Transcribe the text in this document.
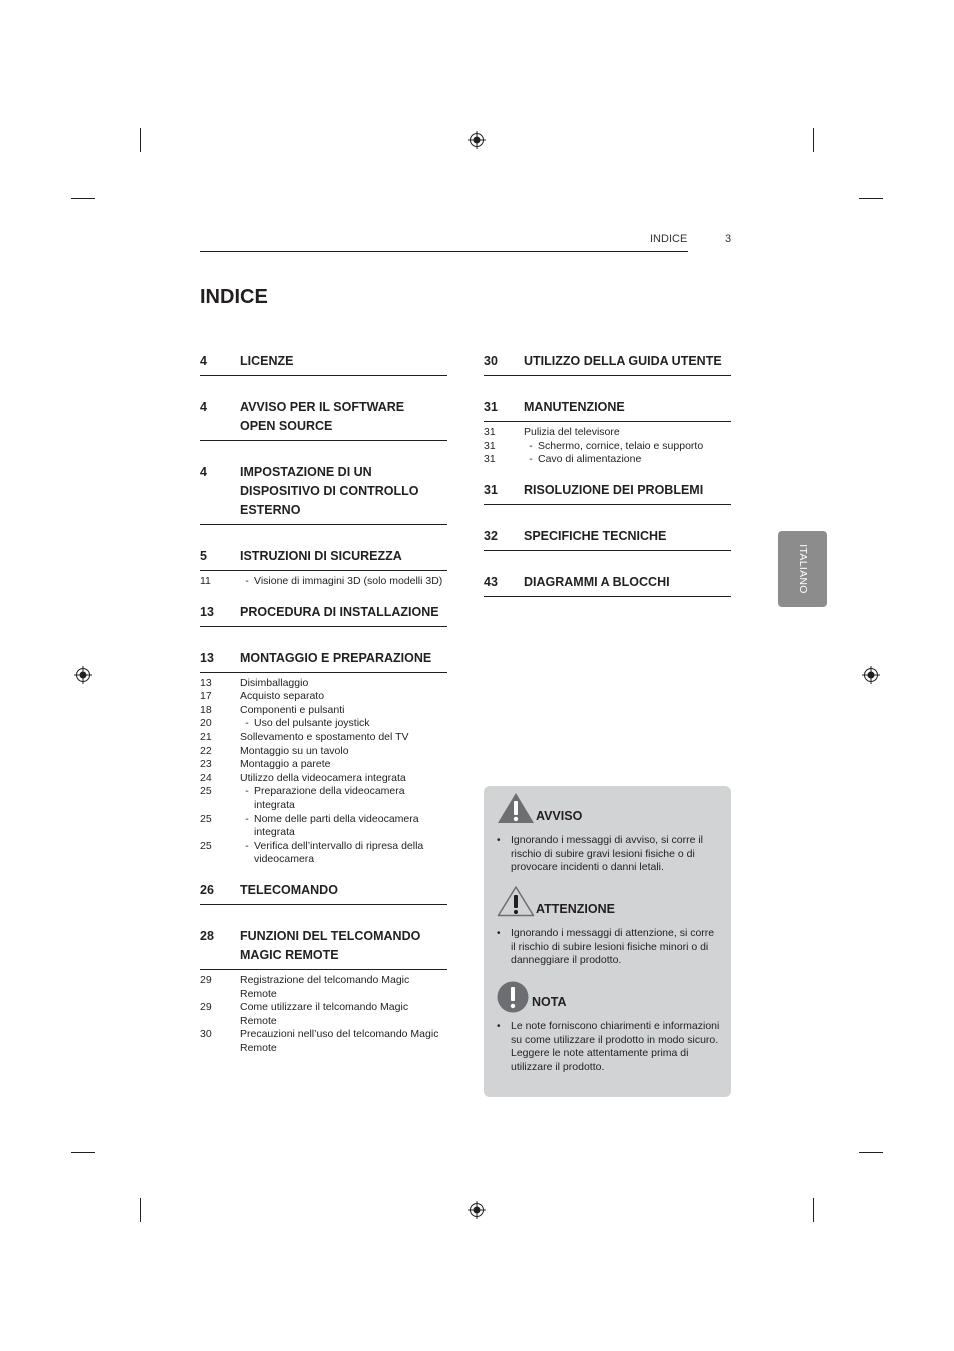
INDICE	3
INDICE
4	LICENZE
4	AVVISO PER IL SOFTWARE
OPEN SOURCE
4	IMPOSTAZIONE DI UN
DISPOSITIVO DI CONTROLLO
ESTERNO
5	ISTRUZIONI DI SICUREZZA
11	- Visione di immagini 3D (solo modelli 3D)
13	PROCEDURA DI INSTALLAZIONE
13	MONTAGGIO E PREPARAZIONE
13	Disimballaggio
17	Acquisto separato
18	Componenti e pulsanti
20	- Uso del pulsante joystick
21	Sollevamento e spostamento del TV
22	Montaggio su un tavolo
23	Montaggio a parete
24	Utilizzo della videocamera integrata
25	- Preparazione della videocamera integrata
25	- Nome delle parti della videocamera integrata
25	- Verifica dell’intervallo di ripresa della videocamera
26	TELECOMANDO
28	FUNZIONI DEL TELCOMANDO
MAGIC REMOTE
29	Registrazione del telcomando Magic Remote
29	Come utilizzare il telcomando Magic Remote
30	Precauzioni nell’uso del telcomando Magic Remote
30	UTILIZZO DELLA GUIDA UTENTE
31	MANUTENZIONE
31	Pulizia del televisore
31	- Schermo, cornice, telaio e supporto
31	- Cavo di alimentazione
31	RISOLUZIONE DEI PROBLEMI
32	SPECIFICHE TECNICHE
43	DIAGRAMMI A BLOCCHI	ITALIANO
AVVISO
• Ignorando i messaggi di avviso, si corre il rischio di subire gravi lesioni fisiche o di provocare incidenti o danni letali.
ATTENZIONE
• Ignorando i messaggi di attenzione, si corre il rischio di subire lesioni fisiche minori o di danneggiare il prodotto.
NOTA
• Le note forniscono chiarimenti e informazioni su come utilizzare il prodotto in modo sicuro. Leggere le note attentamente prima di utilizzare il prodotto.
